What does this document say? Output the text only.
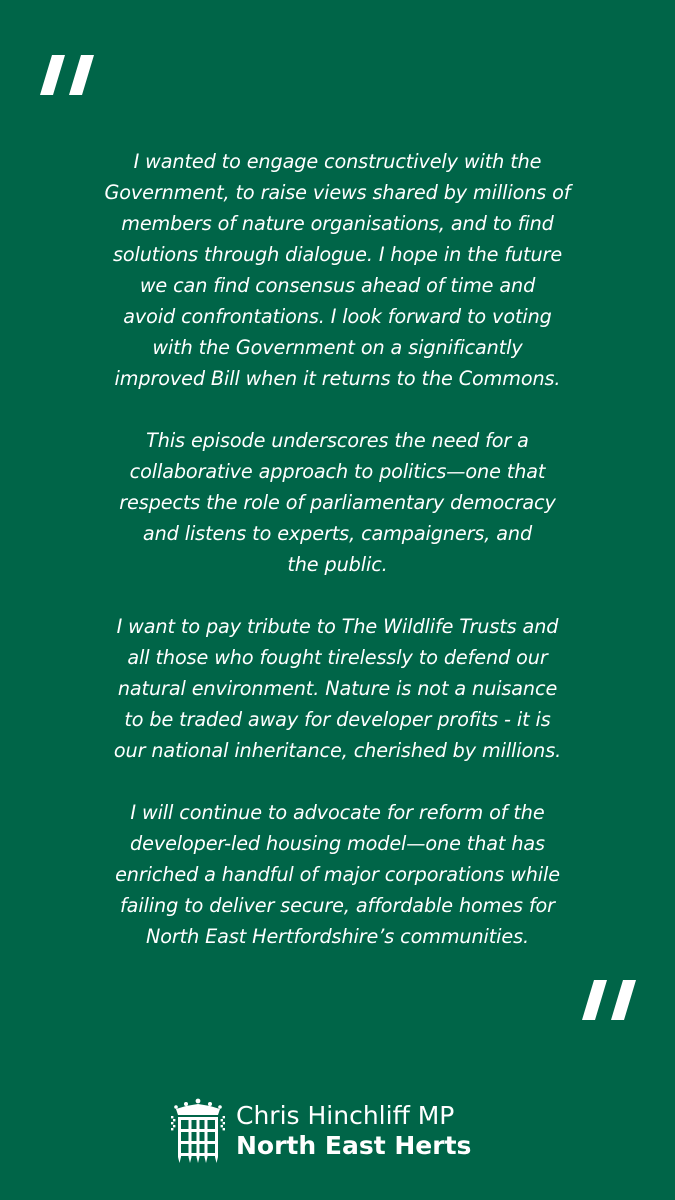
I wanted to engage constructively with the
Government, to raise views shared by millions of
members of nature organisations, and to find
solutions through dialogue. I hope in the future
we can find consensus ahead of time and
avoid confrontations. I look forward to voting
with the Government on a significantly
improved Bill when it returns to the Commons.

This episode underscores the need for a
collaborative approach to politics—one that
respects the role of parliamentary democracy
and listens to experts, campaigners, and
the public.

I want to pay tribute to The Wildlife Trusts and
all those who fought tirelessly to defend our
natural environment. Nature is not a nuisance
to be traded away for developer profits - it is
our national inheritance, cherished by millions.

I will continue to advocate for reform of the
developer-led housing model—one that has
enriched a handful of major corporations while
failing to deliver secure, affordable homes for
North East Hertfordshire’s communities.

Chris Hinchliff MP
North East Herts
